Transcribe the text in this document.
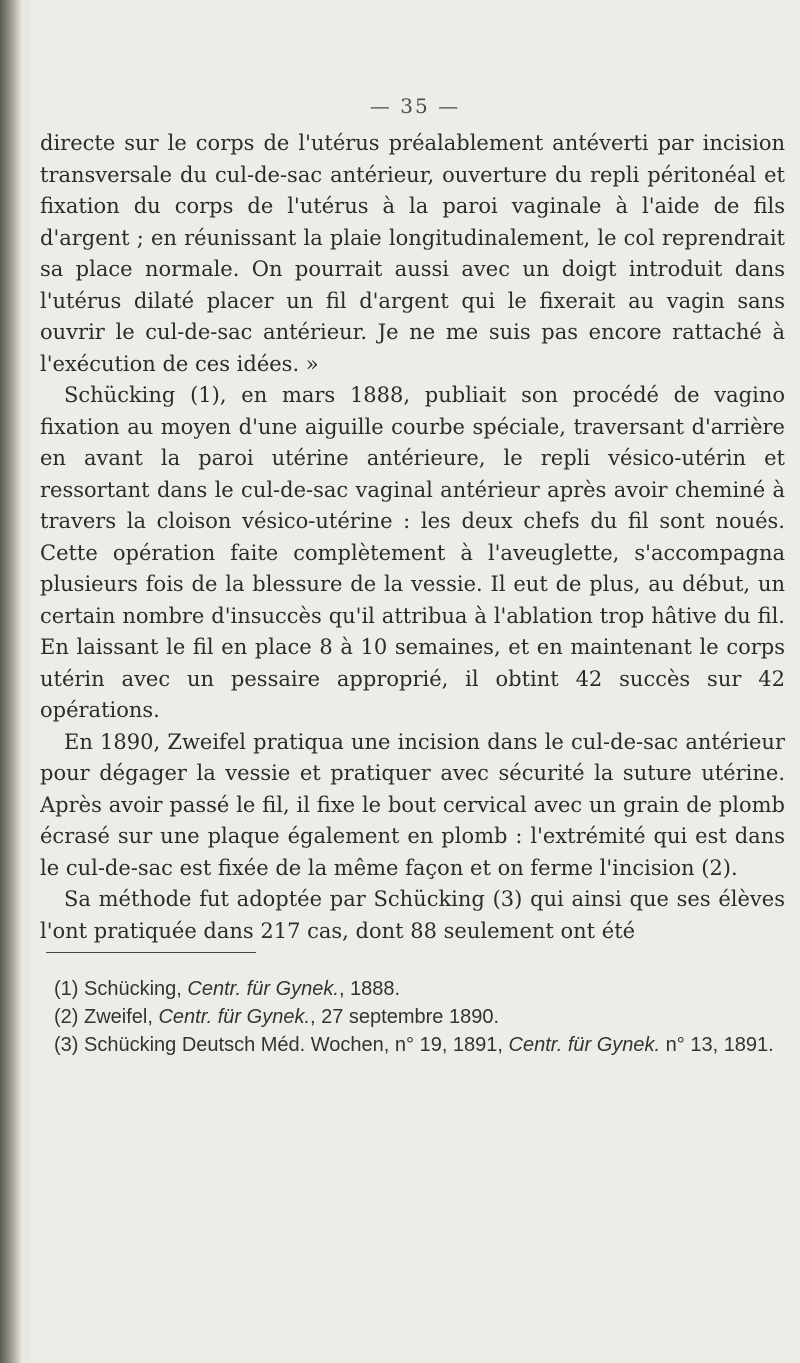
— 35 —

directe sur le corps de l'utérus préalablement antéverti par incision transversale du cul-de-sac antérieur, ouverture du repli péritonéal et fixation du corps de l'utérus à la paroi vaginale à l'aide de fils d'argent ; en réunissant la plaie longitudinalement, le col reprendrait sa place normale. On pourrait aussi avec un doigt introduit dans l'utérus dilaté placer un fil d'argent qui le fixerait au vagin sans ouvrir le cul-de-sac antérieur. Je ne me suis pas encore rattaché à l'exécution de ces idées. »

Schücking (1), en mars 1888, publiait son procédé de vagino fixation au moyen d'une aiguille courbe spéciale, traversant d'arrière en avant la paroi utérine antérieure, le repli vésico-utérin et ressortant dans le cul-de-sac vaginal antérieur après avoir cheminé à travers la cloison vésico-utérine : les deux chefs du fil sont noués. Cette opération faite complètement à l'aveuglette, s'accompagna plusieurs fois de la blessure de la vessie. Il eut de plus, au début, un certain nombre d'insuccès qu'il attribua à l'ablation trop hâtive du fil. En laissant le fil en place 8 à 10 semaines, et en maintenant le corps utérin avec un pessaire approprié, il obtint 42 succès sur 42 opérations.

En 1890, Zweifel pratiqua une incision dans le cul-de-sac antérieur pour dégager la vessie et pratiquer avec sécurité la suture utérine. Après avoir passé le fil, il fixe le bout cervical avec un grain de plomb écrasé sur une plaque également en plomb : l'extrémité qui est dans le cul-de-sac est fixée de la même façon et on ferme l'incision (2).

Sa méthode fut adoptée par Schücking (3) qui ainsi que ses élèves l'ont pratiquée dans 217 cas, dont 88 seulement ont été

(1) Schücking, Centr. für Gynek., 1888.

(2) Zweifel, Centr. für Gynek., 27 septembre 1890.

(3) Schücking Deutsch Méd. Wochen, n° 19, 1891, Centr. für Gynek. n° 13, 1891.
